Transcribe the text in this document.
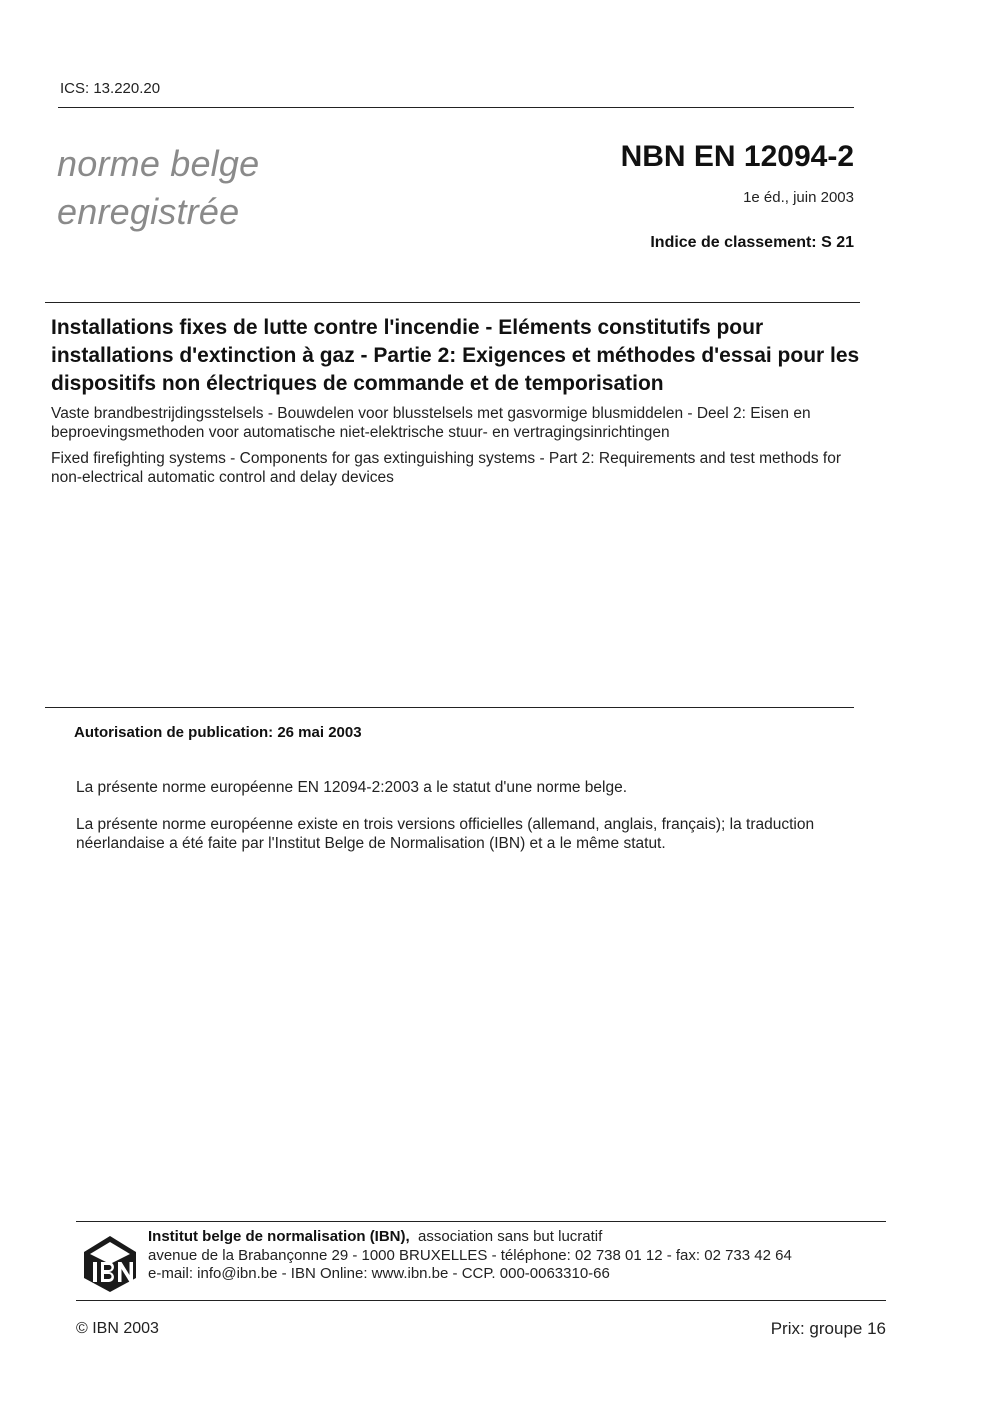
ICS: 13.220.20
norme belge
enregistrée
NBN EN 12094-2
1e éd., juin 2003
Indice de classement: S 21
Installations fixes de lutte contre l'incendie - Eléments constitutifs pour installations d'extinction à gaz - Partie 2: Exigences et méthodes d'essai pour les dispositifs non électriques de commande et de temporisation
Vaste brandbestrijdingsstelsels - Bouwdelen voor blusstelsels met gasvormige blusmiddelen - Deel 2: Eisen en beproevingsmethoden voor automatische niet-elektrische stuur- en vertragingsinrichtingen
Fixed firefighting systems - Components for gas extinguishing systems - Part 2: Requirements and test methods for non-electrical automatic control and delay devices
Autorisation de publication: 26 mai 2003
La présente norme européenne EN 12094-2:2003 a le statut d'une norme belge.
La présente norme européenne existe en trois versions officielles (allemand, anglais, français); la traduction néerlandaise a été faite par l'Institut Belge de Normalisation (IBN) et a le même statut.
Institut belge de normalisation (IBN), association sans but lucratif
avenue de la Brabançonne 29 - 1000 BRUXELLES - téléphone: 02 738 01 12 - fax: 02 733 42 64
e-mail: info@ibn.be - IBN Online: www.ibn.be - CCP. 000-0063310-66
© IBN 2003	Prix: groupe 16
